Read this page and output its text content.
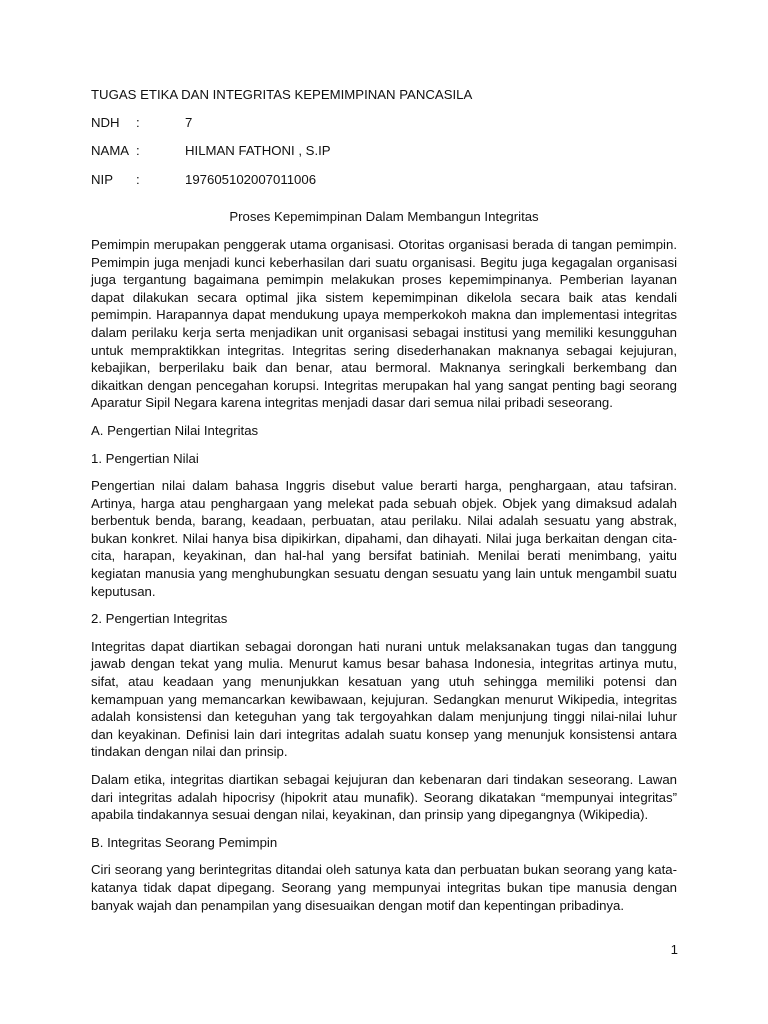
TUGAS ETIKA DAN INTEGRITAS KEPEMIMPINAN PANCASILA
NDH	:	7
NAMA :	HILMAN FATHONI , S.IP
NIP	:	197605102007011006
Proses Kepemimpinan Dalam Membangun Integritas

Pemimpin merupakan penggerak utama organisasi. Otoritas organisasi berada di tangan pemimpin. Pemimpin juga menjadi kunci keberhasilan dari suatu organisasi. Begitu juga kegagalan organisasi juga tergantung bagaimana pemimpin melakukan proses kepemimpinanya. Pemberian layanan dapat dilakukan secara optimal jika sistem kepemimpinan dikelola secara baik atas kendali pemimpin. Harapannya dapat mendukung upaya memperkokoh makna dan implementasi integritas dalam perilaku kerja serta menjadikan unit organisasi sebagai institusi yang memiliki kesungguhan untuk mempraktikkan integritas. Integritas sering disederhanakan maknanya sebagai kejujuran, kebajikan, berperilaku baik dan benar, atau bermoral. Maknanya seringkali berkembang dan dikaitkan dengan pencegahan korupsi. Integritas merupakan hal yang sangat penting bagi seorang Aparatur Sipil Negara karena integritas menjadi dasar dari semua nilai pribadi seseorang.

A. Pengertian Nilai Integritas
1. Pengertian Nilai

Pengertian nilai dalam bahasa Inggris disebut value berarti harga, penghargaan, atau tafsiran. Artinya, harga atau penghargaan yang melekat pada sebuah objek. Objek yang dimaksud adalah berbentuk benda, barang, keadaan, perbuatan, atau perilaku. Nilai adalah sesuatu yang abstrak, bukan konkret. Nilai hanya bisa dipikirkan, dipahami, dan dihayati. Nilai juga berkaitan dengan cita-cita, harapan, keyakinan, dan hal-hal yang bersifat batiniah. Menilai berati menimbang, yaitu kegiatan manusia yang menghubungkan sesuatu dengan sesuatu yang lain untuk mengambil suatu keputusan.

2. Pengertian Integritas

Integritas dapat diartikan sebagai dorongan hati nurani untuk melaksanakan tugas dan tanggung jawab dengan tekat yang mulia. Menurut kamus besar bahasa Indonesia, integritas artinya mutu, sifat, atau keadaan yang menunjukkan kesatuan yang utuh sehingga memiliki potensi dan kemampuan yang memancarkan kewibawaan, kejujuran. Sedangkan menurut Wikipedia, integritas adalah konsistensi dan keteguhan yang tak tergoyahkan dalam menjunjung tinggi nilai-nilai luhur dan keyakinan. Definisi lain dari integritas adalah suatu konsep yang menunjuk konsistensi antara tindakan dengan nilai dan prinsip.

Dalam etika, integritas diartikan sebagai kejujuran dan kebenaran dari tindakan seseorang. Lawan dari integritas adalah hipocrisy (hipokrit atau munafik). Seorang dikatakan “mempunyai integritas” apabila tindakannya sesuai dengan nilai, keyakinan, dan prinsip yang dipegangnya (Wikipedia).

B. Integritas Seorang Pemimpin

Ciri seorang yang berintegritas ditandai oleh satunya kata dan perbuatan bukan seorang yang kata-katanya tidak dapat dipegang. Seorang yang mempunyai integritas bukan tipe manusia dengan banyak wajah dan penampilan yang disesuaikan dengan motif dan kepentingan pribadinya.

1
